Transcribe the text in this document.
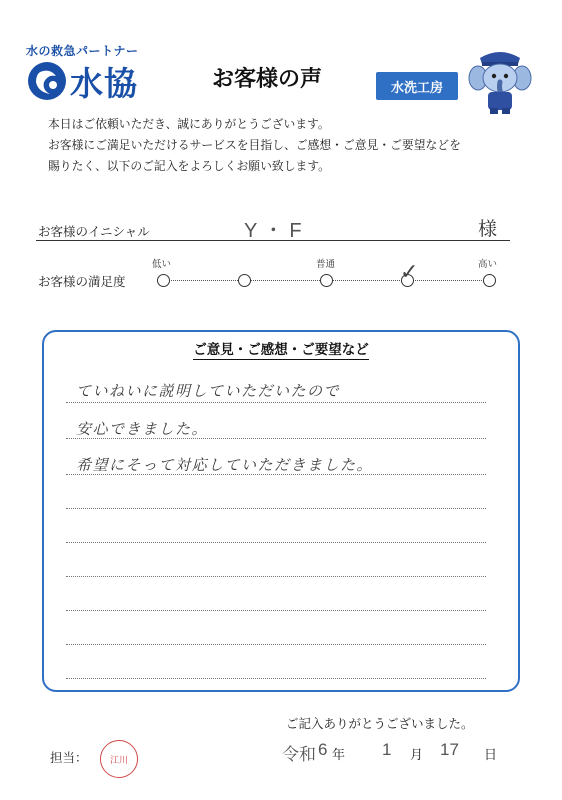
水の救急パートナー
水協	お客様の声	水洗工房

本日はご依頼いただき、誠にありがとうございます。

お客様にご満足いただけるサービスを目指し、ご感想・ご意見・ご要望などを

賜りたく、以下のご記入をよろしくお願い致します。

お客様のイニシャル	Y・F	様
お客様の満足度
低い	普通	高い
✓
ご意見・ご感想・ご要望など
ていねいに説明していただいたので
安心できました。
希望にそって対応していただきました。
ご記入ありがとうございました。
担当： 江川	令和 6 年 1 月 17 日
